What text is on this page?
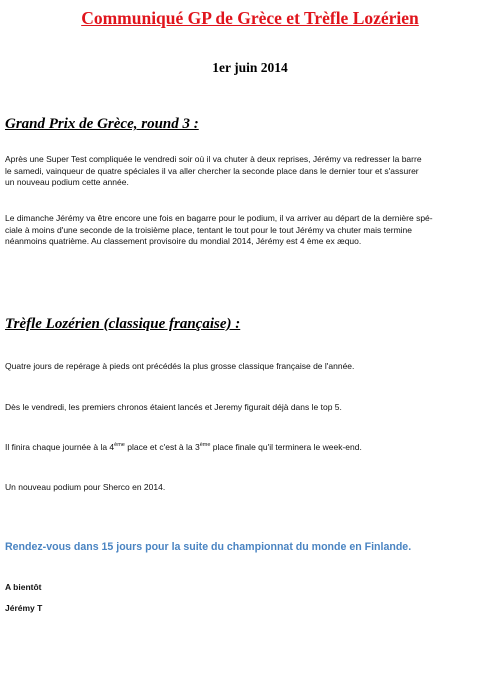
Communiqué GP de Grèce et Trèfle Lozérien
1er juin 2014
Grand Prix de Grèce, round 3 :

Après une Super Test compliquée le vendredi soir où il va chuter à deux reprises, Jérémy va redresser la barre
le samedi, vainqueur de quatre spéciales il va aller chercher la seconde place dans le dernier tour et s'assurer
un nouveau podium cette année.

Le dimanche Jérémy va être encore une fois en bagarre pour le podium, il va arriver au départ de la dernière spé-
ciale à moins d'une seconde de la troisième place, tentant le tout pour le tout Jérémy va chuter mais termine
néanmoins quatrième. Au classement provisoire du mondial 2014, Jérémy est 4 ème ex æquo.

Trèfle Lozérien (classique française) :

Quatre jours de repérage à pieds ont précédés la plus grosse classique française de l'année.

Dès le vendredi, les premiers chronos étaient lancés et Jeremy figurait déjà dans le top 5.

Il finira chaque journée à la 4ème place et c'est à la 3ème place finale qu'il terminera le week-end.

Un nouveau podium pour Sherco en 2014.

Rendez-vous dans 15 jours pour la suite du championnat du monde en Finlande.

A bientôt

Jérémy T
